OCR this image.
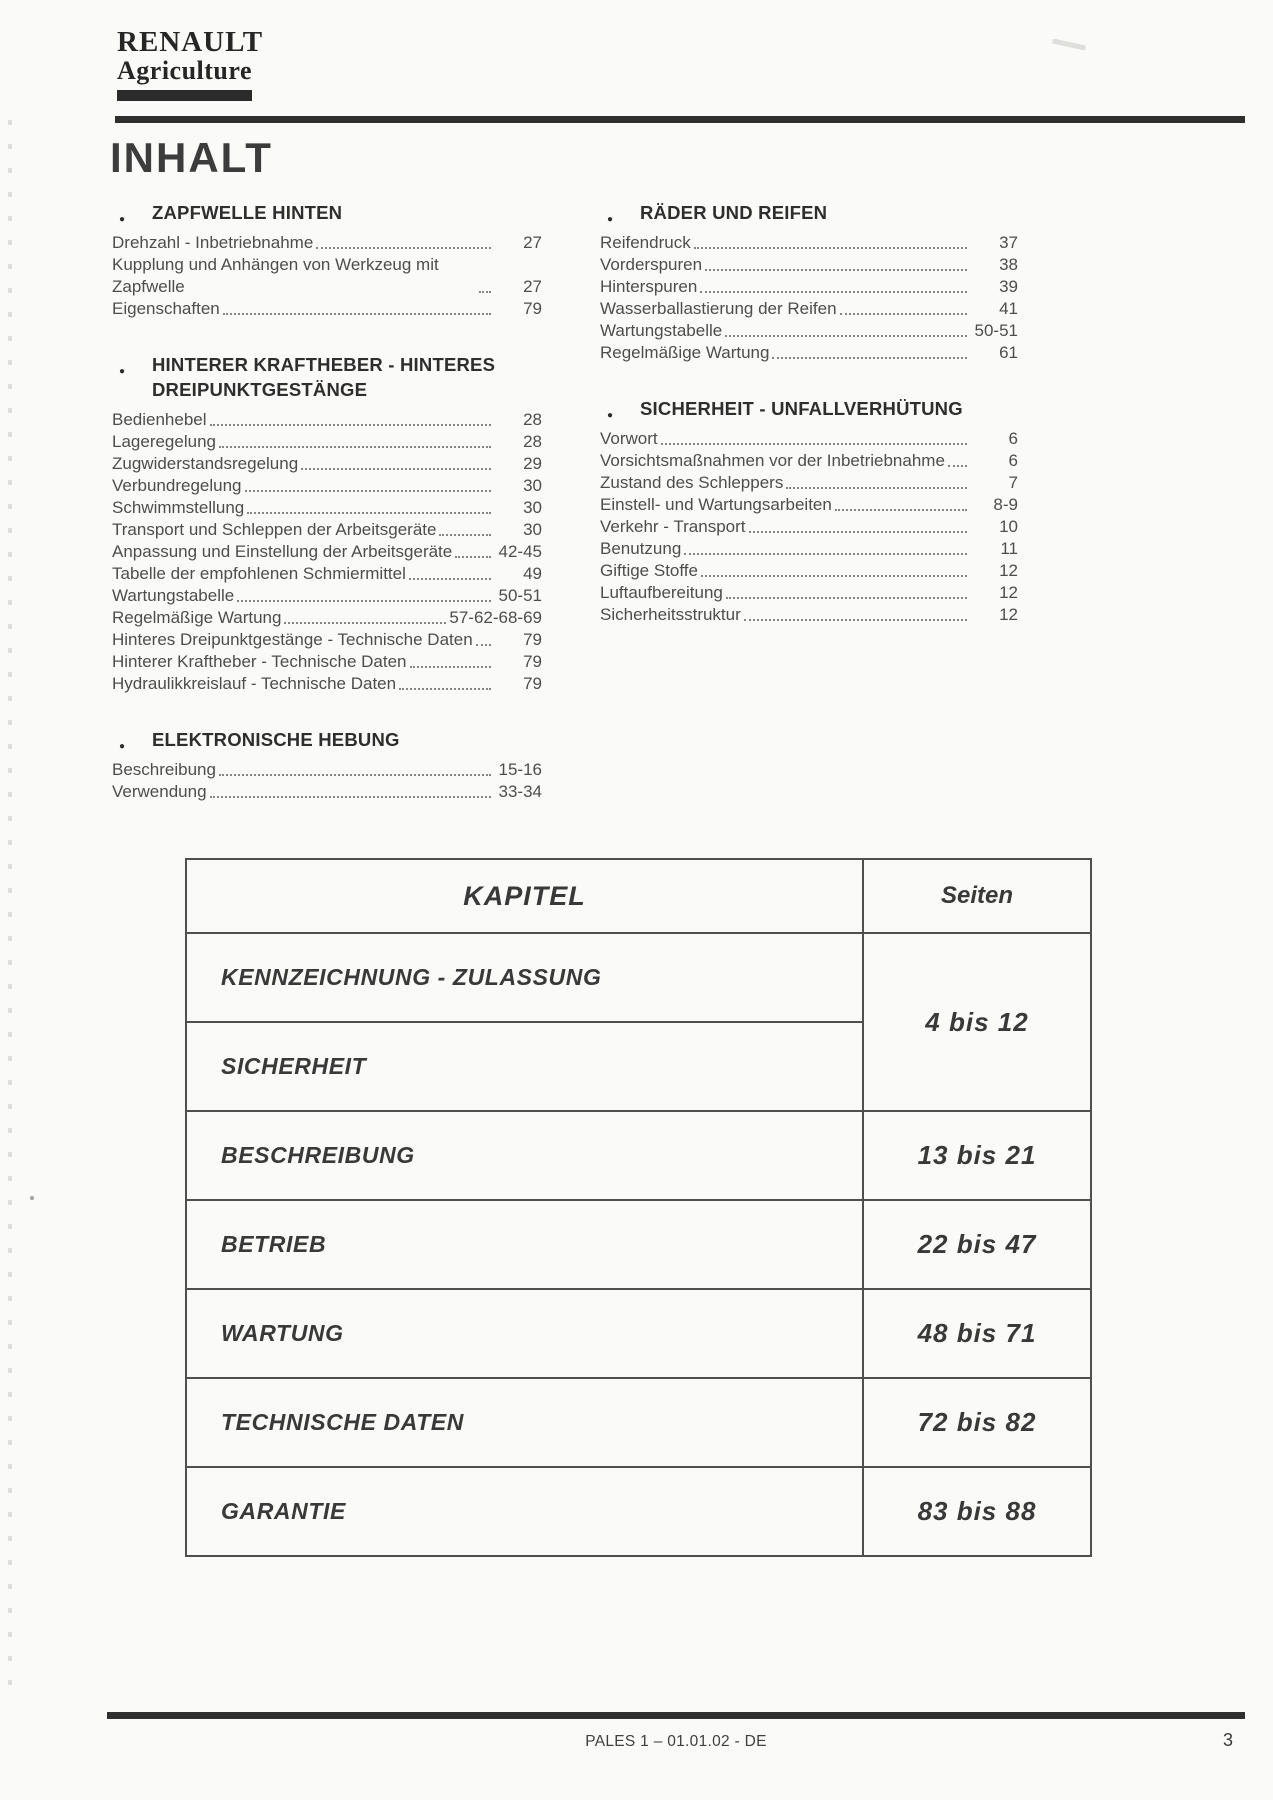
RENAULT
Agriculture
INHALT
● ZAPFWELLE HINTEN
Drehzahl - Inbetriebnahme	27
Kupplung und Anhängen von Werkzeug mit Zapfwelle	27
Eigenschaften	79
● HINTERER KRAFTHEBER - HINTERES DREIPUNKTGESTÄNGE
Bedienhebel	28
Lageregelung	28
Zugwiderstandsregelung	29
Verbundregelung	30
Schwimmstellung	30
Transport und Schleppen der Arbeitsgeräte	30
Anpassung und Einstellung der Arbeitsgeräte	42-45
Tabelle der empfohlenen Schmiermittel	49
Wartungstabelle	50-51
Regelmäßige Wartung	57-62-68-69
Hinteres Dreipunktgestänge - Technische Daten	79
Hinterer Kraftheber - Technische Daten	79
Hydraulikkreislauf - Technische Daten	79
● ELEKTRONISCHE HEBUNG
Beschreibung	15-16
Verwendung	33-34
● RÄDER UND REIFEN
Reifendruck	37
Vorderspuren	38
Hinterspuren	39
Wasserballastierung der Reifen	41
Wartungstabelle	50-51
Regelmäßige Wartung	61
● SICHERHEIT - UNFALLVERHÜTUNG
Vorwort	6
Vorsichtsmaßnahmen vor der Inbetriebnahme	6
Zustand des Schleppers	7
Einstell- und Wartungsarbeiten	8-9
Verkehr - Transport	10
Benutzung	11
Giftige Stoffe	12
Luftaufbereitung	12
Sicherheitsstruktur	12
KAPITEL	Seiten
KENNZEICHNUNG - ZULASSUNG	4 bis 12
SICHERHEIT	
BESCHREIBUNG	13 bis 21
BETRIEB	22 bis 47
WARTUNG	48 bis 71
TECHNISCHE DATEN	72 bis 82
GARANTIE	83 bis 88
PALES 1 – 01.01.02 - DE	3
